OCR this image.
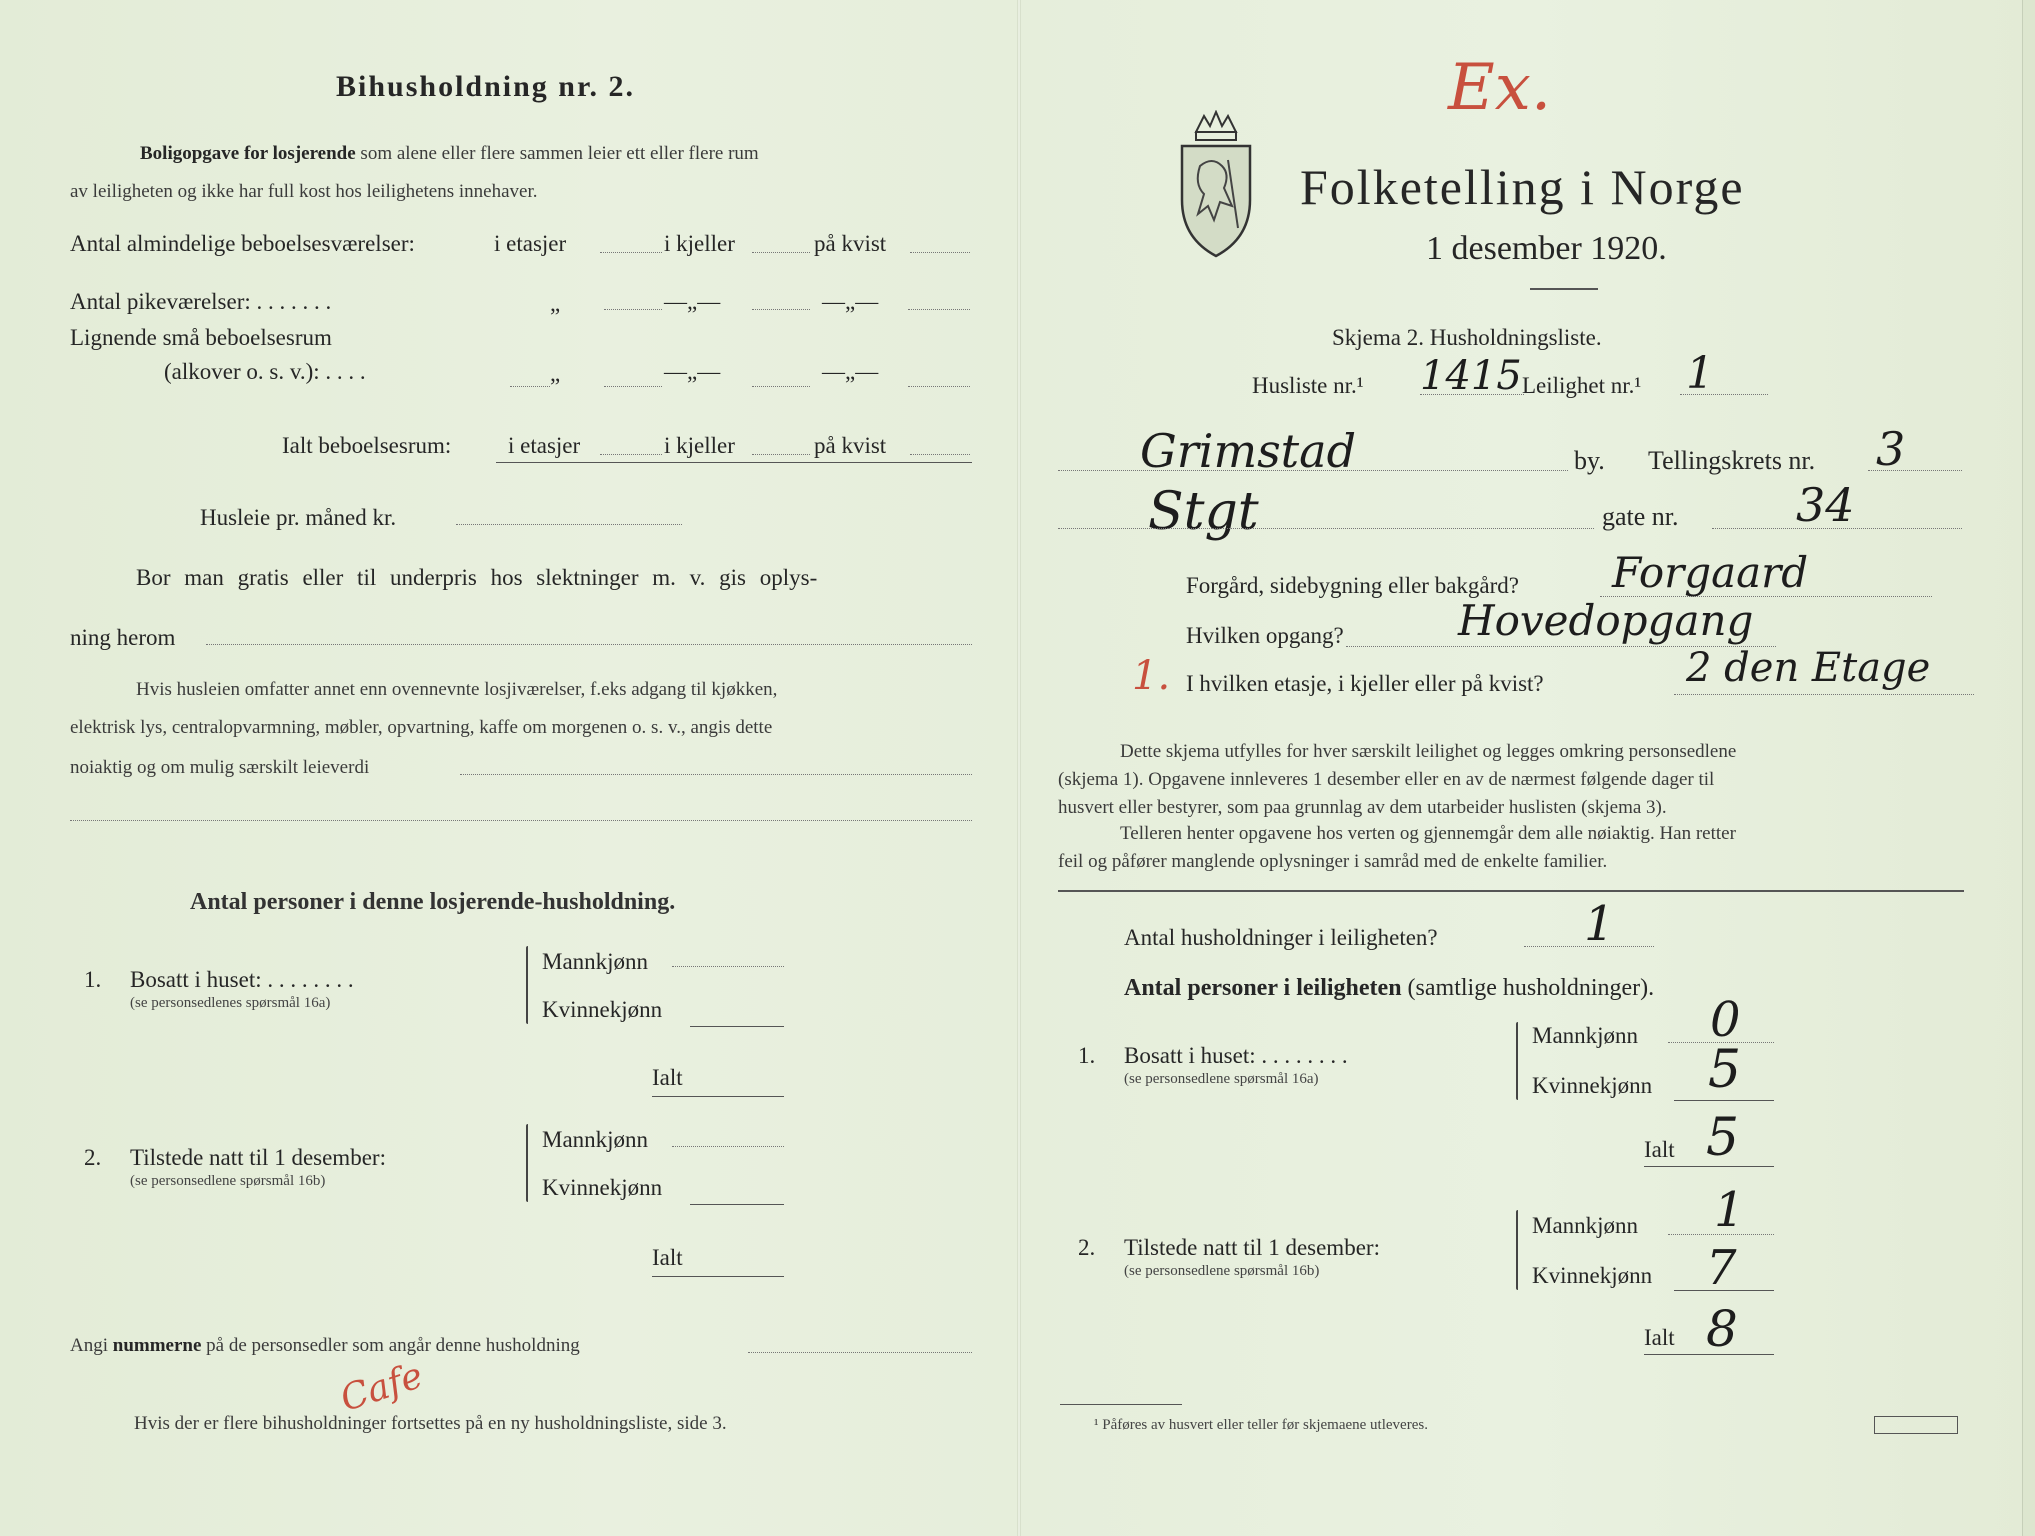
Bihusholdning nr. 2.
Boligopgave for losjerende som alene eller flere sammen leier ett eller flere rum
av leiligheten og ikke har full kost hos leilighetens innehaver.
Antal almindelige beboelsesværelser:	i etasjer	i kjeller	på kvist
Antal pikeværelser: . . . . . . .	„	—„—	—„—
Lignende små beboelsesrum
(alkover o. s. v.): . . . .	„	—„—	—„—
Ialt beboelsesrum: i etasjer	i kjeller	på kvist
Husleie pr. måned kr.
Bor man gratis eller til underpris hos slektninger m. v. gis oplys-
ning herom
Hvis husleien omfatter annet enn ovennevnte losjiværelser, f.eks adgang til kjøkken,
elektrisk lys, centralopvarmning, møbler, opvartning, kaffe om morgenen o. s. v., angis dette
noiaktig og om mulig særskilt leieverdi
Antal personer i denne losjerende-husholdning.
1. Bosatt i huset: . . . . . . . .
(se personsedlenes spørsmål 16a)
Mannkjønn
Kvinnekjønn
Ialt
2. Tilstede natt til 1 desember:
(se personsedlene spørsmål 16b)
Mannkjønn
Kvinnekjønn
Ialt
Angi nummerne på de personsedler som angår denne husholdning
Cafe
Hvis der er flere bihusholdninger fortsettes på en ny husholdningsliste, side 3.
Ex.
Folketelling i Norge
1 desember 1920.
Skjema 2. Husholdningsliste.
Husliste nr.¹ 1415 Leilighet nr.¹ 1
Grimstad	by. Tellingskrets nr. 3
Stgt	gate nr.	34
Forgård, sidebygning eller bakgård? Forgaard
Hvilken opgang?	Hovedopgang
1. I hvilken etasje, i kjeller eller på kvist?	2 den Etage
Dette skjema utfylles for hver særskilt leilighet og legges omkring personsedlene
(skjema 1). Opgavene innleveres 1 desember eller en av de nærmest følgende dager til
husvert eller bestyrer, som paa grunnlag av dem utarbeider huslisten (skjema 3).
Telleren henter opgavene hos verten og gjennemgår dem alle nøiaktig. Han retter
feil og påfører manglende oplysninger i samråd med de enkelte familier.
Antal husholdninger i leiligheten?	1
Antal personer i leiligheten (samtlige husholdninger).
1. Bosatt i huset: . . . . . . . .
(se personsedlene spørsmål 16a)
Mannkjønn 0
Kvinnekjønn 5
Ialt 5
2. Tilstede natt til 1 desember:
(se personsedlene spørsmål 16b)
Mannkjønn 1
Kvinnekjønn 7
Ialt 8
¹ Påføres av husvert eller teller før skjemaene utleveres.
